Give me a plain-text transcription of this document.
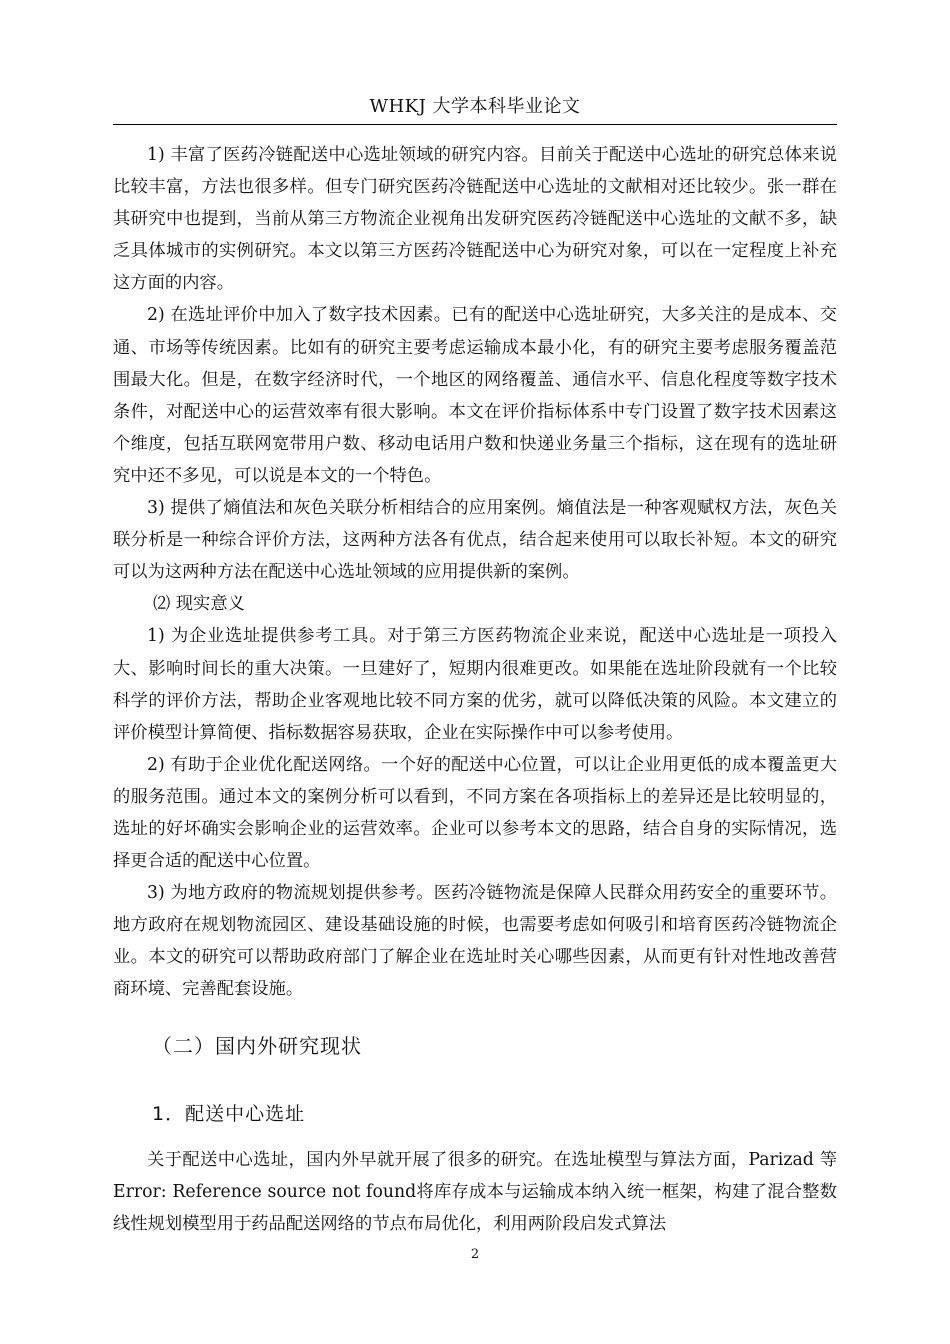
WHKJ 大学本科毕业论文

1) 丰富了医药冷链配送中心选址领域的研究内容。目前关于配送中心选址的研究总体来说比较丰富，方法也很多样。但专门研究医药冷链配送中心选址的文献相对还比较少。张一群在其研究中也提到，当前从第三方物流企业视角出发研究医药冷链配送中心选址的文献不多，缺乏具体城市的实例研究。本文以第三方医药冷链配送中心为研究对象，可以在一定程度上补充这方面的内容。

2) 在选址评价中加入了数字技术因素。已有的配送中心选址研究，大多关注的是成本、交通、市场等传统因素。比如有的研究主要考虑运输成本最小化，有的研究主要考虑服务覆盖范围最大化。但是，在数字经济时代，一个地区的网络覆盖、通信水平、信息化程度等数字技术条件，对配送中心的运营效率有很大影响。本文在评价指标体系中专门设置了数字技术因素这个维度，包括互联网宽带用户数、移动电话用户数和快递业务量三个指标，这在现有的选址研究中还不多见，可以说是本文的一个特色。

3) 提供了熵值法和灰色关联分析相结合的应用案例。熵值法是一种客观赋权方法，灰色关联分析是一种综合评价方法，这两种方法各有优点，结合起来使用可以取长补短。本文的研究可以为这两种方法在配送中心选址领域的应用提供新的案例。

⑵ 现实意义

1) 为企业选址提供参考工具。对于第三方医药物流企业来说，配送中心选址是一项投入大、影响时间长的重大决策。一旦建好了，短期内很难更改。如果能在选址阶段就有一个比较科学的评价方法，帮助企业客观地比较不同方案的优劣，就可以降低决策的风险。本文建立的评价模型计算简便、指标数据容易获取，企业在实际操作中可以参考使用。

2) 有助于企业优化配送网络。一个好的配送中心位置，可以让企业用更低的成本覆盖更大的服务范围。通过本文的案例分析可以看到，不同方案在各项指标上的差异还是比较明显的，选址的好坏确实会影响企业的运营效率。企业可以参考本文的思路，结合自身的实际情况，选择更合适的配送中心位置。

3) 为地方政府的物流规划提供参考。医药冷链物流是保障人民群众用药安全的重要环节。地方政府在规划物流园区、建设基础设施的时候，也需要考虑如何吸引和培育医药冷链物流企业。本文的研究可以帮助政府部门了解企业在选址时关心哪些因素，从而更有针对性地改善营商环境、完善配套设施。

（二）国内外研究现状
1．配送中心选址

关于配送中心选址，国内外早就开展了很多的研究。在选址模型与算法方面，Parizad 等Error: Reference source not found将库存成本与运输成本纳入统一框架，构建了混合整数线性规划模型用于药品配送网络的节点布局优化，利用两阶段启发式算法

2
